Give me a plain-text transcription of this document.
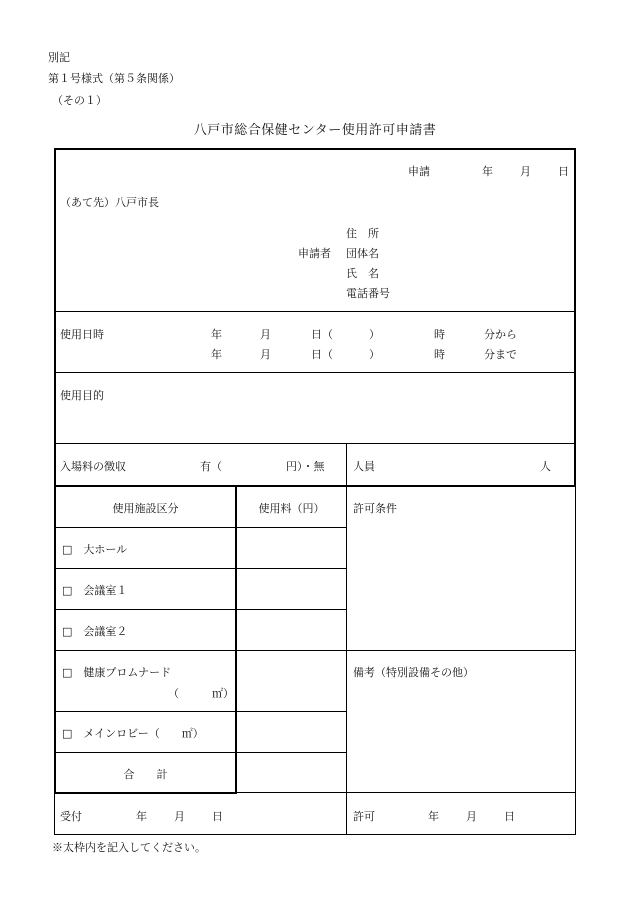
別記
第１号様式（第５条関係）
（その１）
八戸市総合保健センター使用許可申請書
申請	年 月 日
（あて先）八戸市長
住　所
申請者 団体名
氏　名
電話番号
使用日時	年	月	日（	）	時	分から
年	月	日（	）	時	分まで
使用目的
入場料の徴収	有（	円）・無	人員	人
使用施設区分	使用料（円）	許可条件
□　大ホール
□　会議室１
□　会議室２
□　健康プロムナード
（　　　㎡）
□　メインロビー（　　㎡）
合　　計
備考（特別設備その他）
受付	年 月 日	許可	年 月 日
※太枠内を記入してください。
